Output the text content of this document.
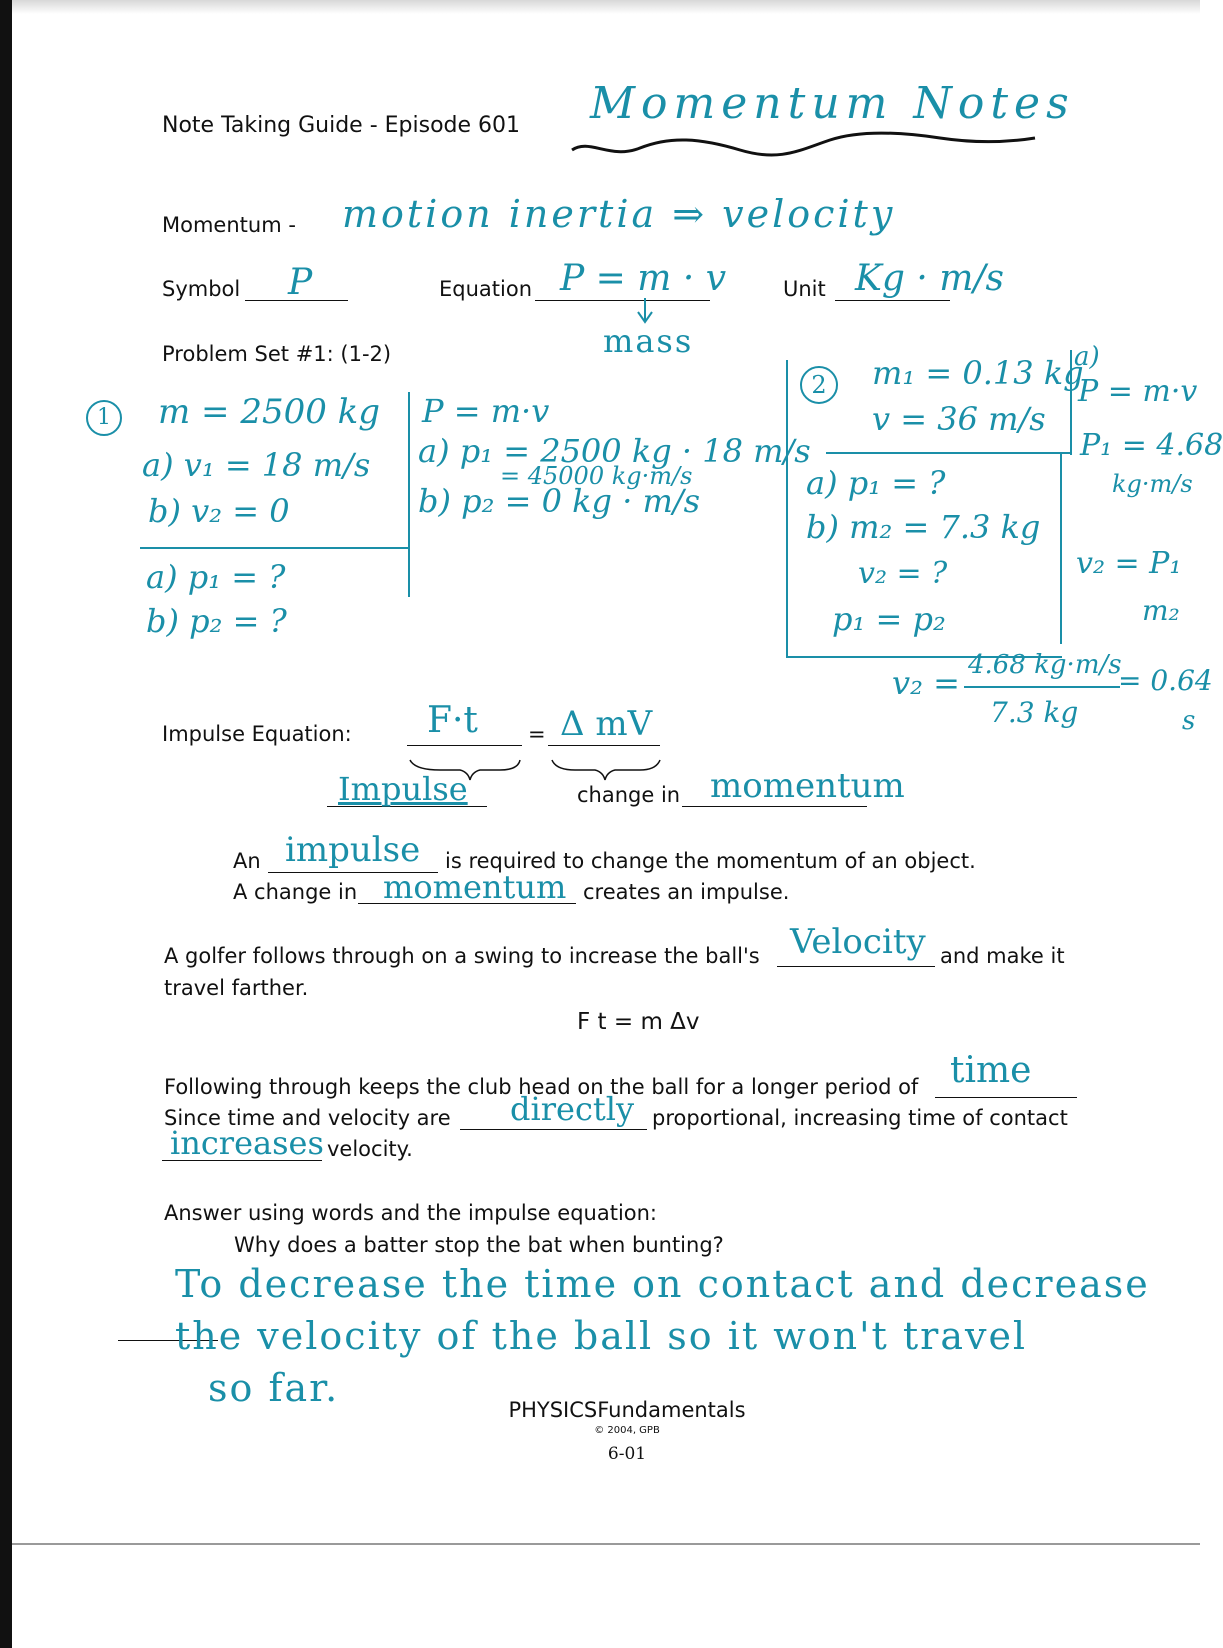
Note Taking Guide - Episode 601 Momentum Notes
Momentum - motion inertia ⇒ velocity
Symbol P	Equation P = m · v
mass
Unit Kg · m/s
Problem Set #1: (1-2)
1	m = 2500 kg
a) v₁ = 18 m/s
b) v₂ = 0
a) p₁ = ?
b) p₂ = ?
P = m·v
a) p₁ = 2500 kg · 18 m/s
= 45000 kg·m/s
b) p₂ = 0 kg · m/s
2	m₁ = 0.13 kg
v = 36 m/s
a) p₁ = ?
b) m₂ = 7.3 kg
v₂ = ?
p₁ = p₂
a)
P = m·v
P₁ = 4.68
kg·m/s
v₂ = P₁
m₂
v₂ = 4.68 kg·m/s
7.3 kg
= 0.64
s
Impulse Equation: F·t = Δ mV
Impulse	change in momentum
An impulse is required to change the momentum of an object.
A change in momentum creates an impulse.
A golfer follows through on a swing to increase the ball's Velocity and make it
travel farther.
F t = m Δv
Following through keeps the club head on the ball for a longer period of time
Since time and velocity are directly proportional, increasing time of contact
increases velocity.
Answer using words and the impulse equation:
Why does a batter stop the bat when bunting?
To decrease the time on contact and decrease
the velocity of the ball so it won't travel
so far.	PHYSICSFundamentals
© 2004, GPB
6-01
